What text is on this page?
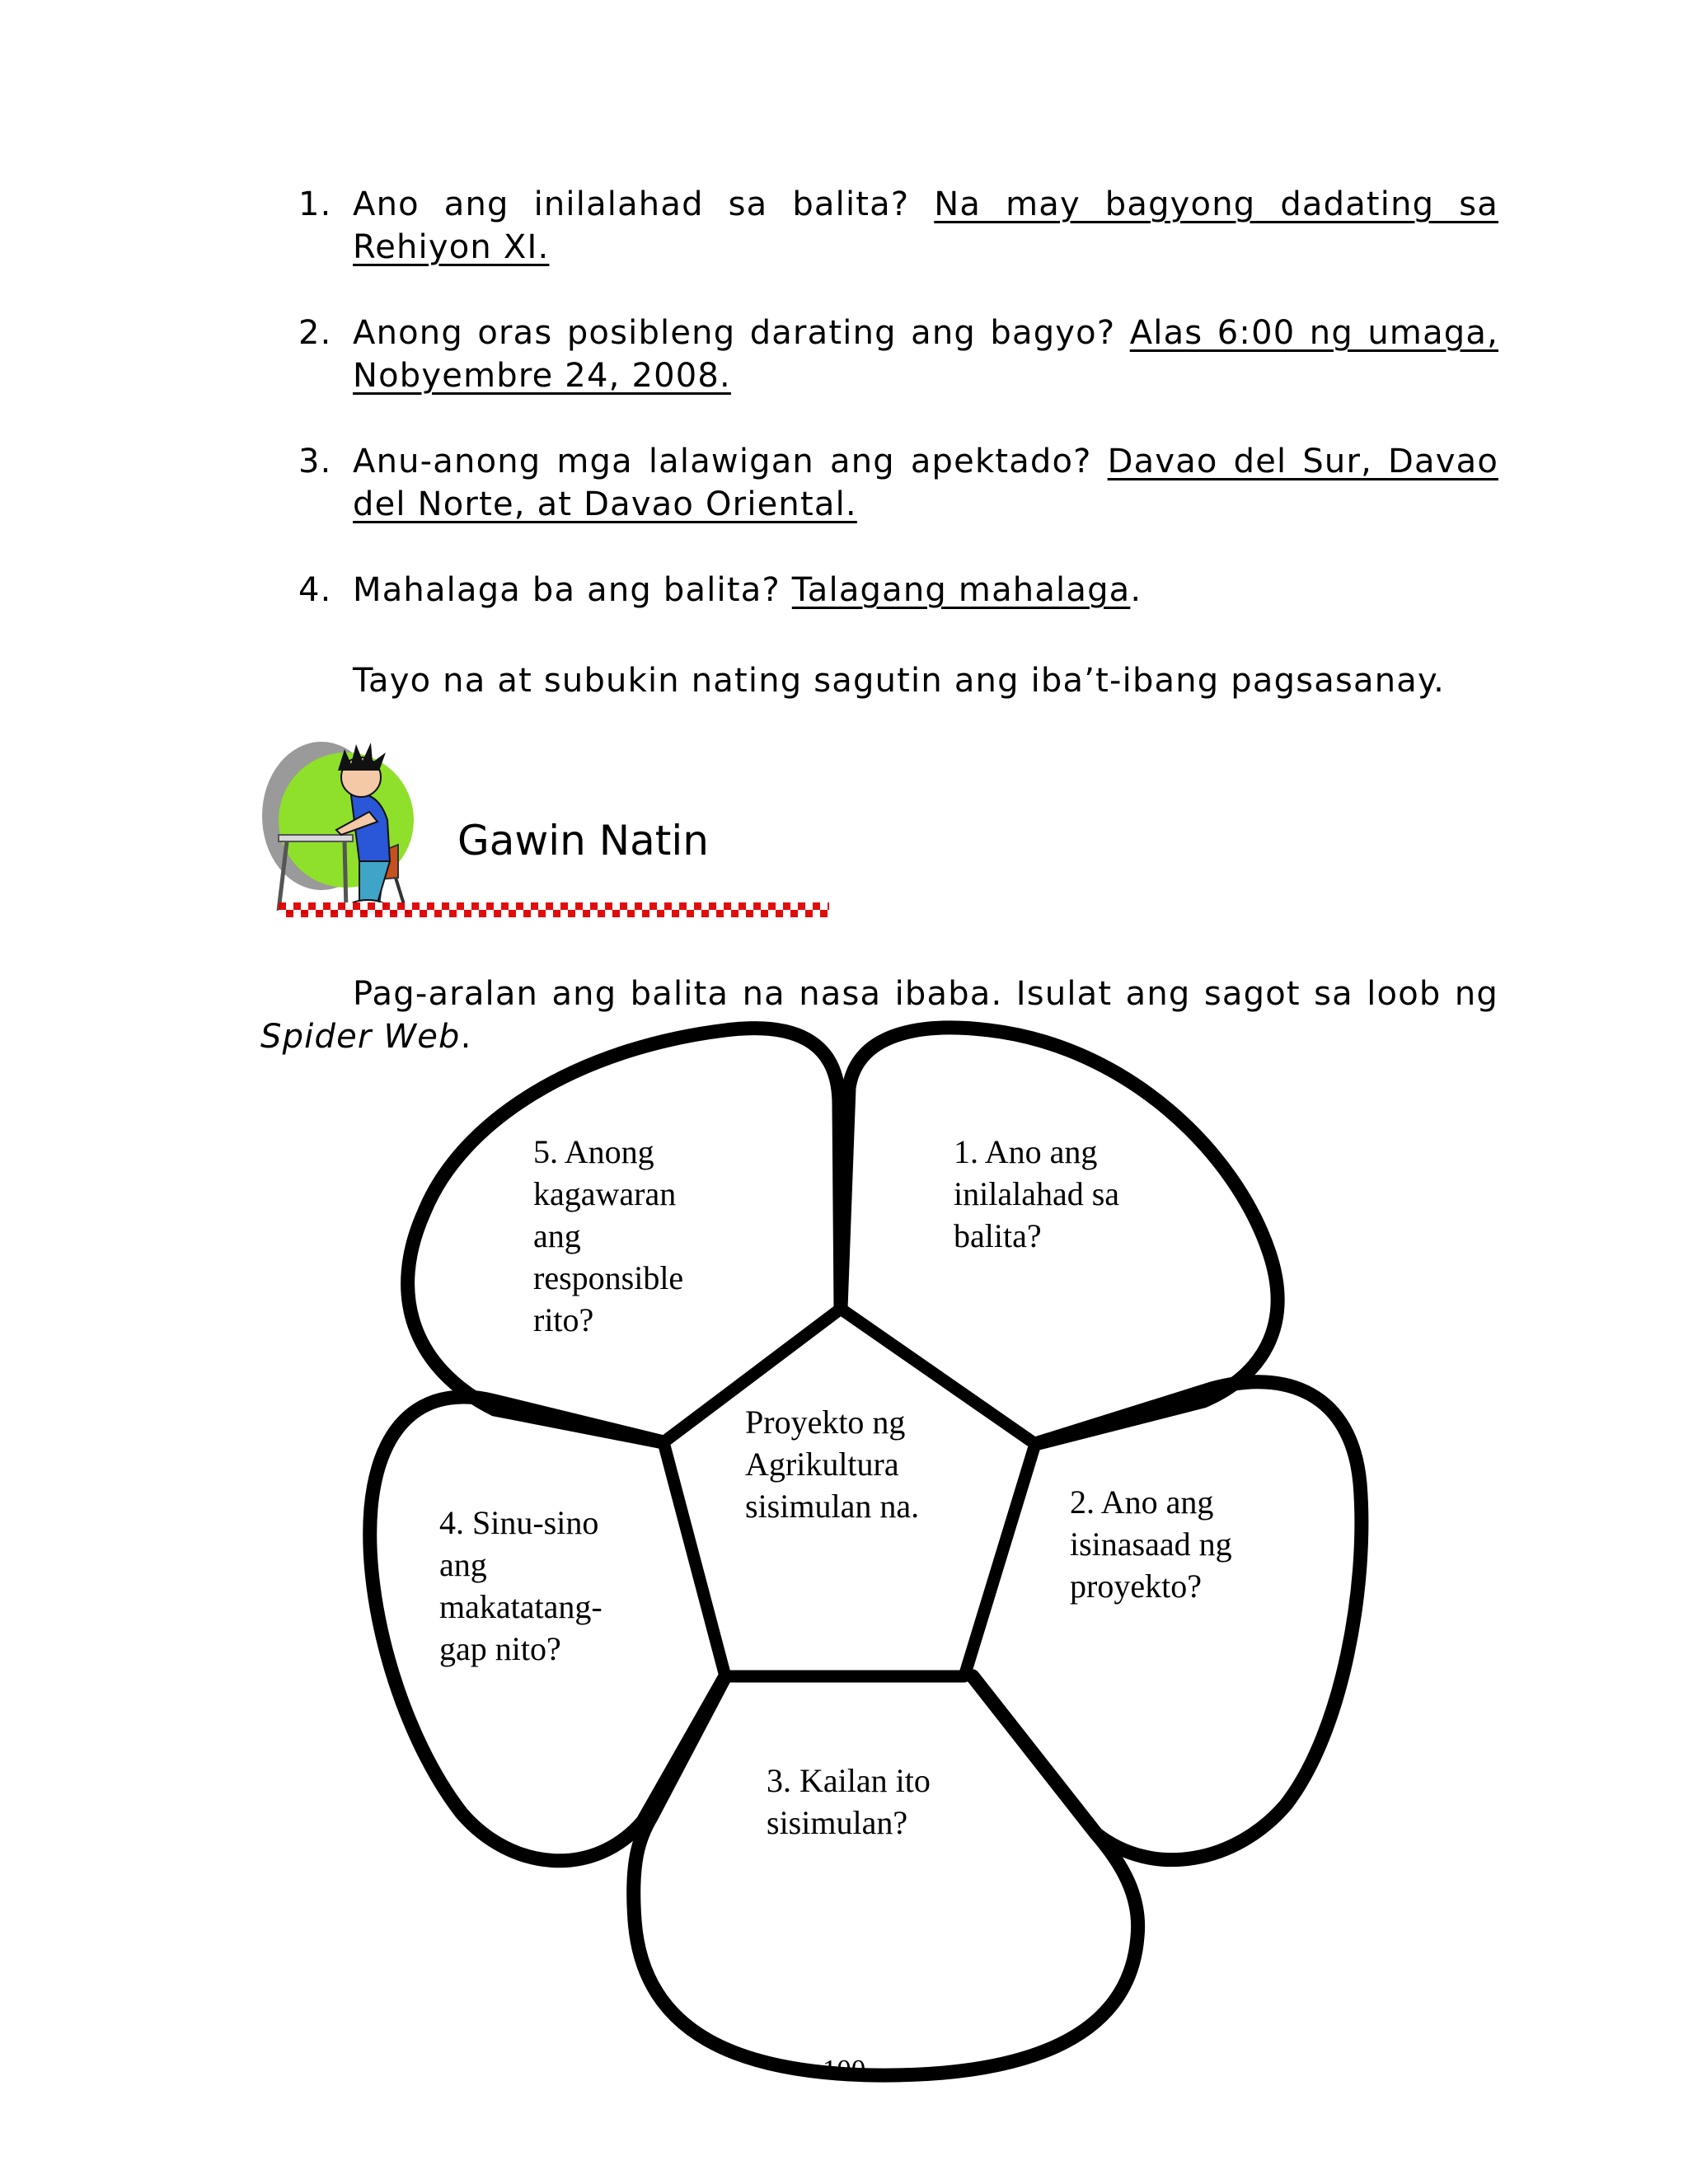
1. Ano ang inilalahad sa balita? Na may bagyong dadating sa Rehiyon XI.
2. Anong oras posibleng darating ang bagyo? Alas 6:00 ng umaga, Nobyembre 24, 2008.
3. Anu-anong mga lalawigan ang apektado? Davao del Sur, Davao del Norte, at Davao Oriental.
4. Mahalaga ba ang balita? Talagang mahalaga.
Tayo na at subukin nating sagutin ang iba’t-ibang pagsasanay.
Gawin Natin
Pag-aralan ang balita na nasa ibaba. Isulat ang sagot sa loob ng Spider Web.
Proyekto ng
Agrikultura
sisimulan na.
1. Ano ang
inilalahad sa
balita?
2. Ano ang
isinasaad ng
proyekto?
3. Kailan ito
sisimulan?
4. Sinu-sino
ang
makatatang-
gap nito?
5. Anong
kagawaran
ang
responsible
rito?
100
